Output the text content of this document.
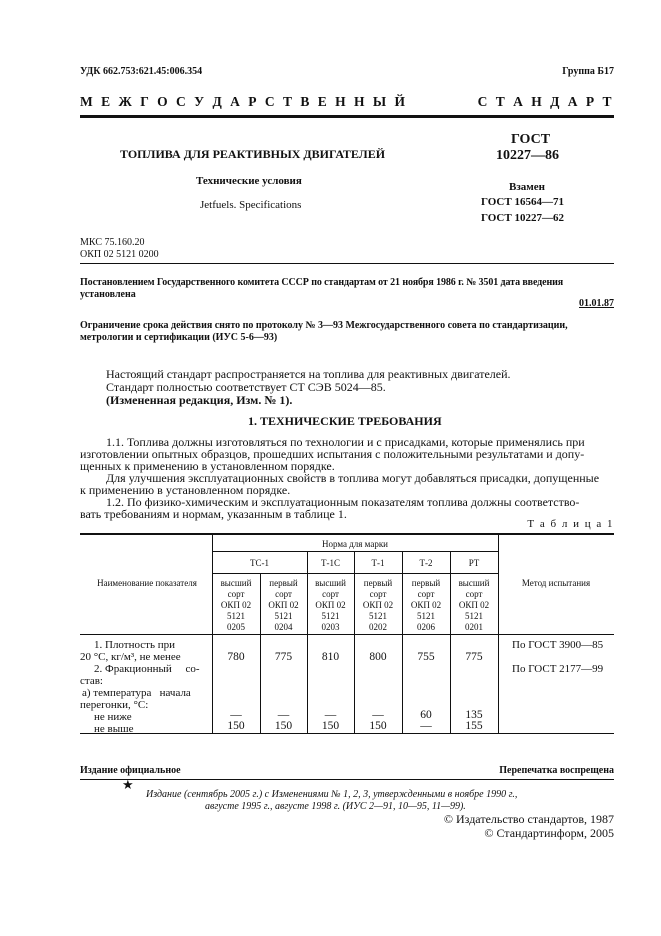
УДК 662.753:621.45:006.354	Группа Б17
М Е Ж Г О С У Д А Р С Т В Е Н Н Ы Й	С Т А Н Д А Р Т
ТОПЛИВА ДЛЯ РЕАКТИВНЫХ ДВИГАТЕЛЕЙ
Технические условия
Jetfuels. Specifications
ГОСТ
10227—86
Взамен
ГОСТ 16564—71
ГОСТ 10227—62
МКС 75.160.20
ОКП 02 5121 0200
Постановлением Государственного комитета СССР по стандартам от 21 ноября 1986 г. № 3501 дата введения
установлена
01.01.87
Ограничение срока действия снято по протоколу № 3—93 Межгосударственного совета по стандартизации,
метрологии и сертификации (ИУС 5-6—93)
Настоящий стандарт распространяется на топлива для реактивных двигателей.
Стандарт полностью соответствует СТ СЭВ 5024—85.
(Измененная редакция, Изм. № 1).
1. ТЕХНИЧЕСКИЕ ТРЕБОВАНИЯ
1.1. Топлива должны изготовляться по технологии и с присадками, которые применялись при
изготовлении опытных образцов, прошедших испытания с положительными результатами и допу-
щенных к применению в установленном порядке.
Для улучшения эксплуатационных свойств в топлива могут добавляться присадки, допущенные
к применению в установленном порядке.
1.2. По физико-химическим и эксплуатационным показателям топлива должны соответство-
вать требованиям и нормам, указанным в таблице 1.
Т а б л и ц а 1
Наименование показателя
Норма для марки
Метод испытания
ТС-1	Т-1С	Т-1	Т-2	РТ
высший
сорт
ОКП 02
5121
0205
первый
сорт
ОКП 02
5121
0204
высший
сорт
ОКП 02
5121
0203
первый
сорт
ОКП 02
5121
0202
первый
сорт
ОКП 02
5121
0206
высший
сорт
ОКП 02
5121
0201
1. Плотность при
20 °С, кг/м³, не менее	780	775	810	800	755	775
По ГОСТ 3900—85
2. Фракционный     со-
став:
а) температура   начала
перегонки, °С:
не ниже
не выше
По ГОСТ 2177—99
—	—	—	—	60	135
150	150	150	150	—	155
Издание официальное	Перепечатка воспрещена
★
Издание (сентябрь 2005 г.) с Изменениями № 1, 2, 3, утвержденными в ноябре 1990 г.,
августе 1995 г., августе 1998 г. (ИУС 2—91, 10—95, 11—99).
© Издательство стандартов, 1987
© Стандартинформ, 2005
